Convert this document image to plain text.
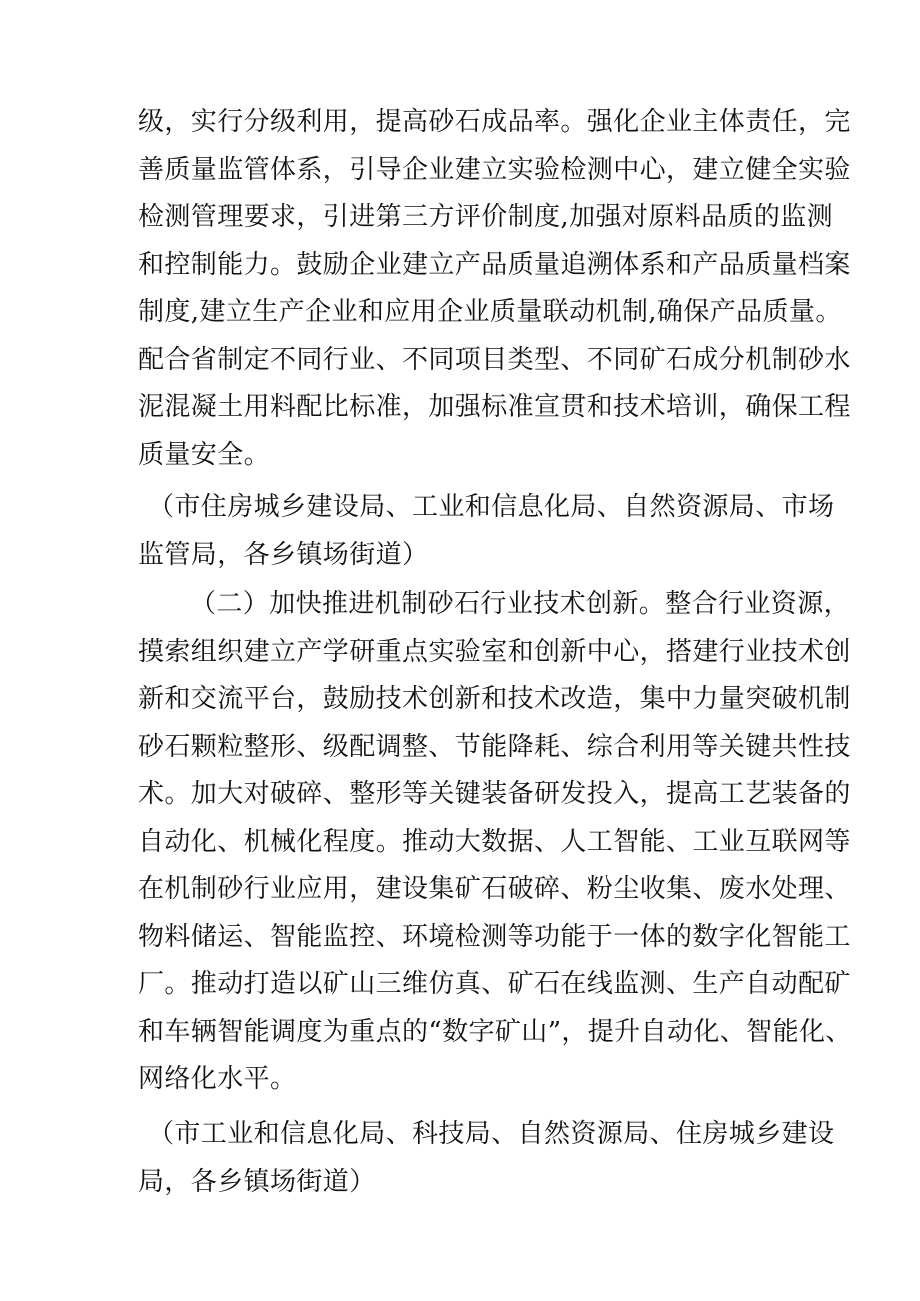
级，实行分级利用，提高砂石成品率。强化企业主体责任，完
善质量监管体系，引导企业建立实验检测中心，建立健全实验
检测管理要求，引进第三方评价制度,加强对原料品质的监测
和控制能力。鼓励企业建立产品质量追溯体系和产品质量档案
制度,建立生产企业和应用企业质量联动机制,确保产品质量。
配合省制定不同行业、不同项目类型、不同矿石成分机制砂水
泥混凝土用料配比标准，加强标准宣贯和技术培训，确保工程
质量安全。
（市住房城乡建设局、工业和信息化局、自然资源局、市场
监管局，各乡镇场街道）
（二）加快推进机制砂石行业技术创新。整合行业资源，
摸索组织建立产学研重点实验室和创新中心，搭建行业技术创
新和交流平台，鼓励技术创新和技术改造，集中力量突破机制
砂石颗粒整形、级配调整、节能降耗、综合利用等关键共性技
术。加大对破碎、整形等关键装备研发投入，提高工艺装备的
自动化、机械化程度。推动大数据、人工智能、工业互联网等
在机制砂行业应用，建设集矿石破碎、粉尘收集、废水处理、
物料储运、智能监控、环境检测等功能于一体的数字化智能工
厂。推动打造以矿山三维仿真、矿石在线监测、生产自动配矿
和车辆智能调度为重点的“数字矿山”，提升自动化、智能化、
网络化水平。
（市工业和信息化局、科技局、自然资源局、住房城乡建设
局，各乡镇场街道）
